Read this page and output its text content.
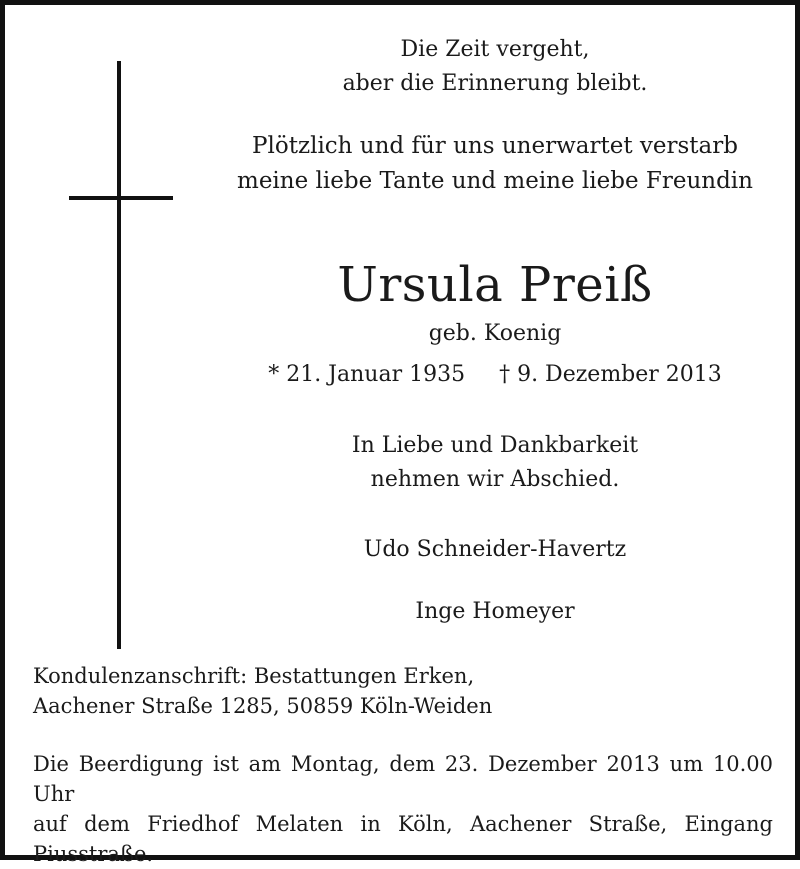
Die Zeit vergeht,
aber die Erinnerung bleibt.
Plötzlich und für uns unerwartet verstarb
meine liebe Tante und meine liebe Freundin
Ursula Preiß
geb. Koenig
* 21. Januar 1935 † 9. Dezember 2013
In Liebe und Dankbarkeit
nehmen wir Abschied.
Udo Schneider-Havertz
Inge Homeyer
Kondulenzanschrift: Bestattungen Erken,
Aachener Straße 1285, 50859 Köln-Weiden
Die Beerdigung ist am Montag, dem 23. Dezember 2013 um 10.00 Uhr
auf dem Friedhof Melaten in Köln, Aachener Straße, Eingang
Piusstraße.
